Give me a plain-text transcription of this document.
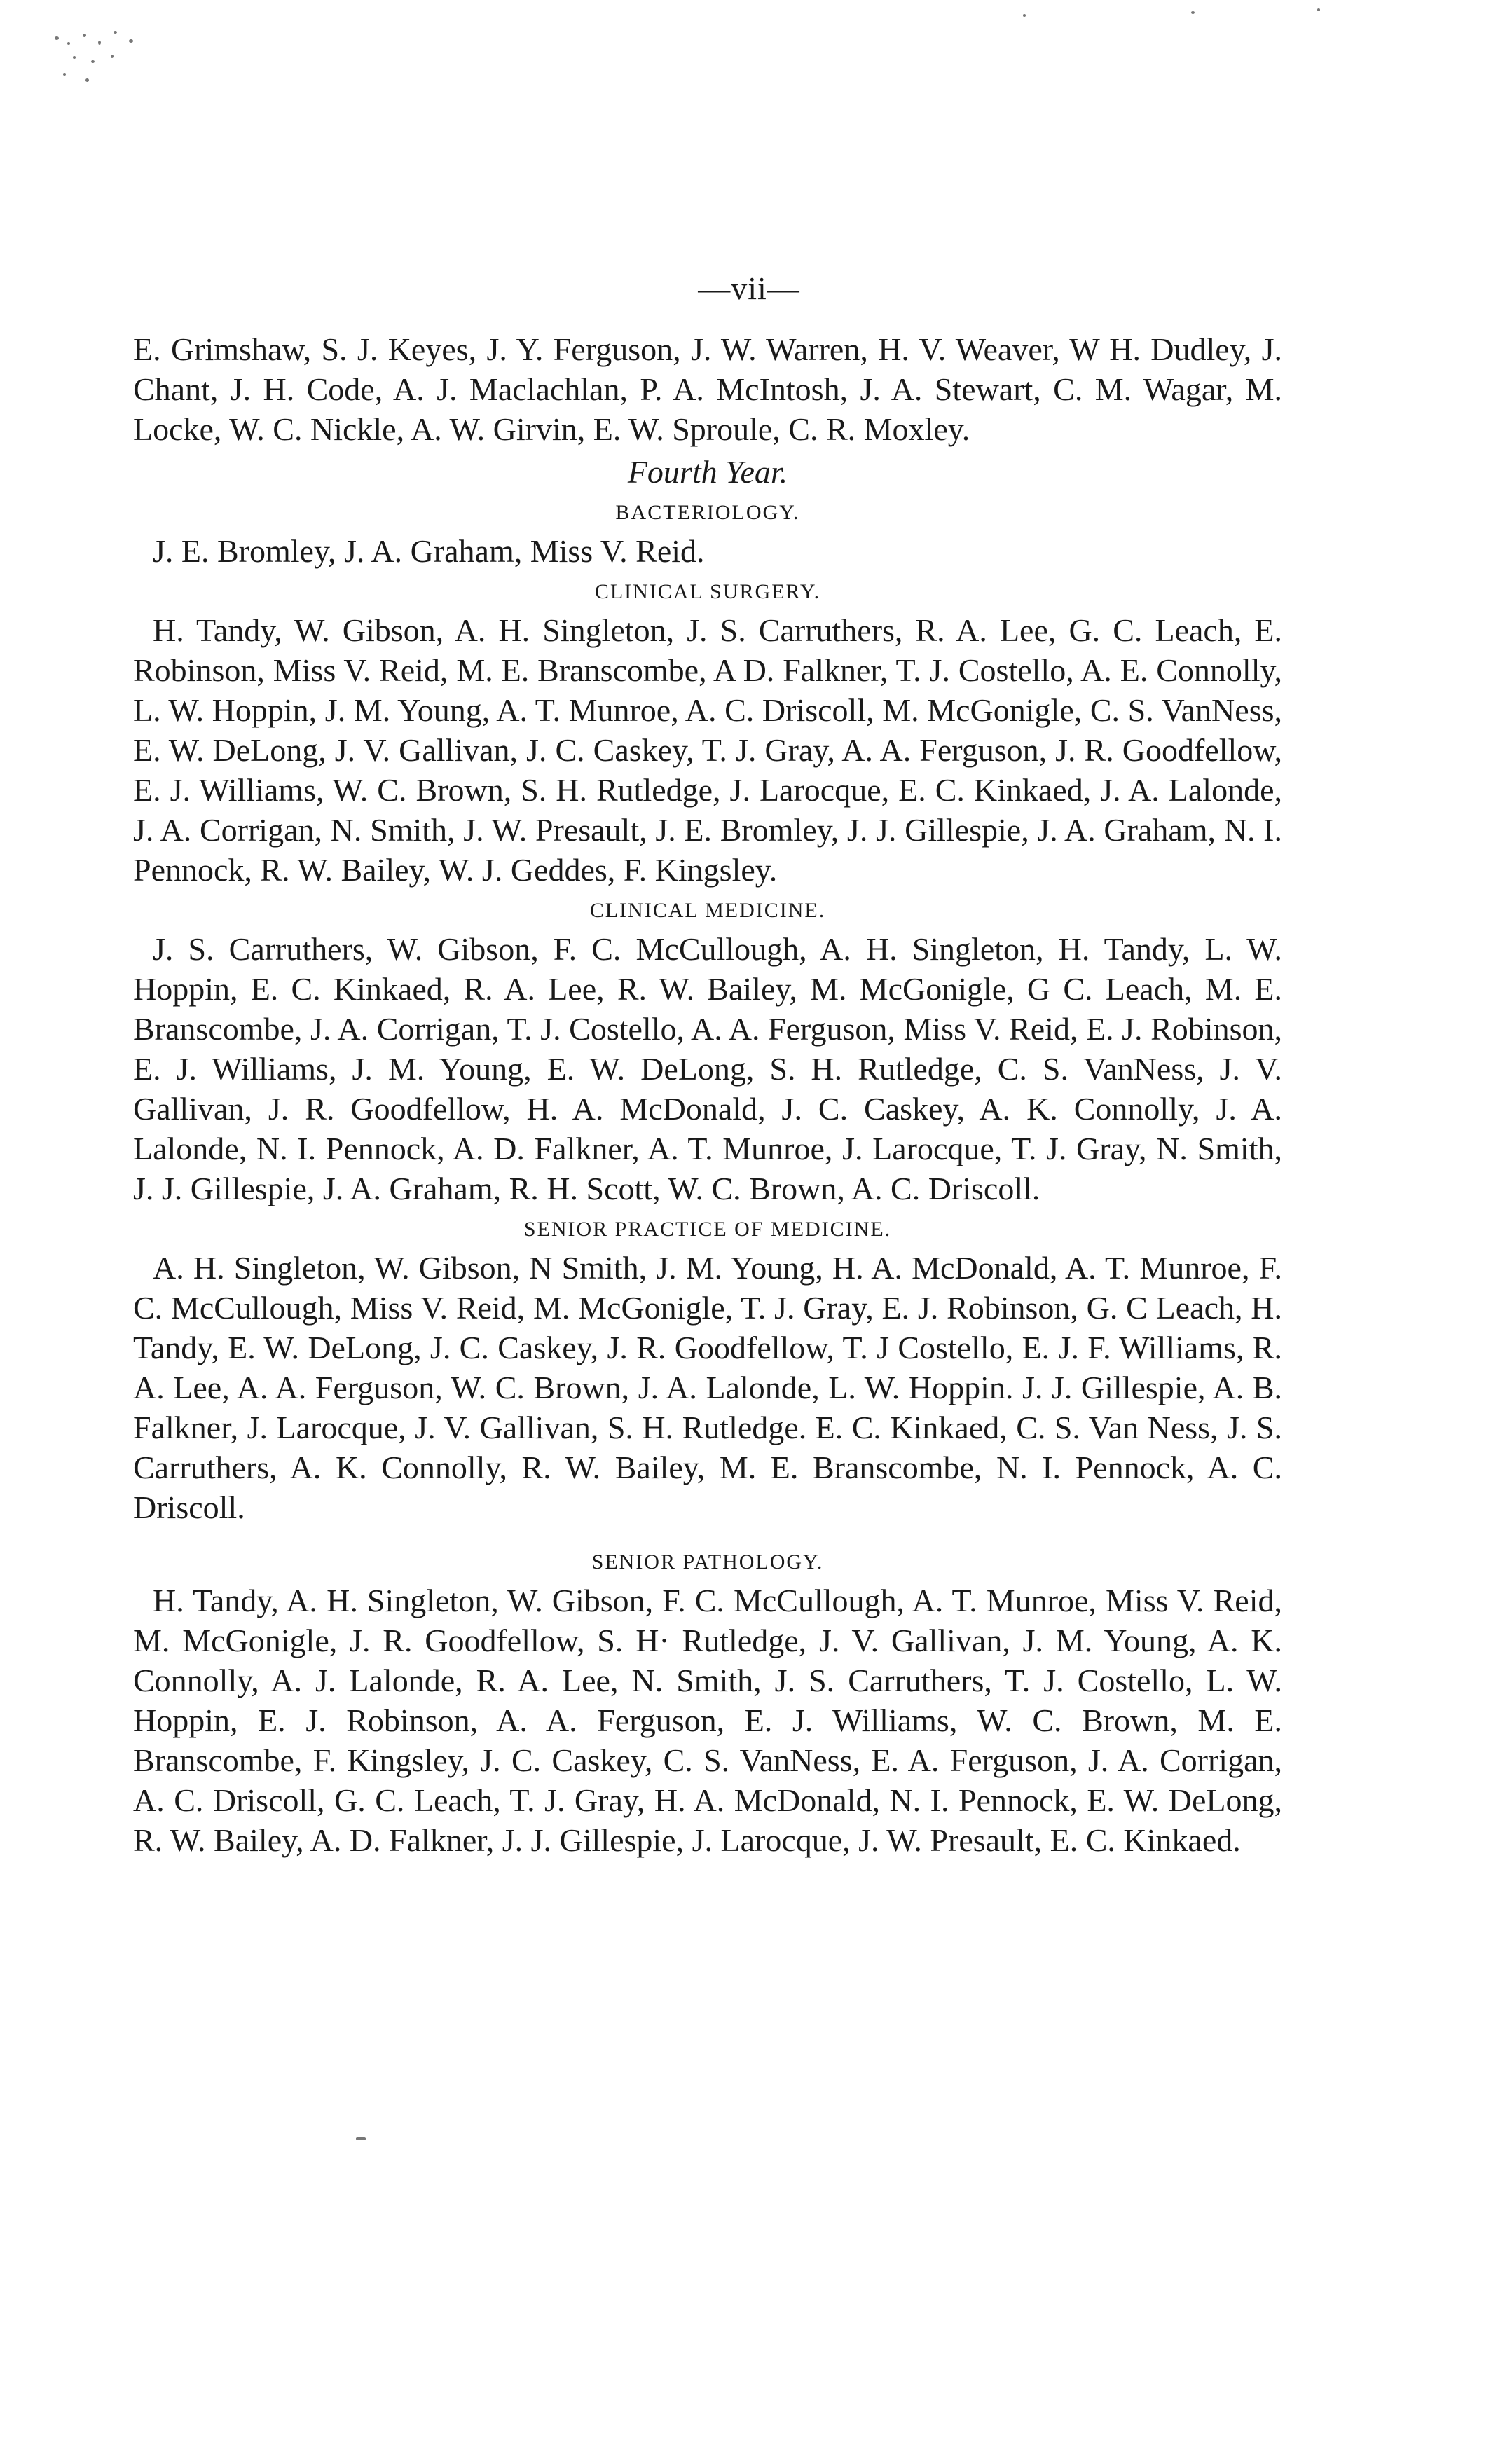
—vii—

E. Grimshaw, S. J. Keyes, J. Y. Ferguson, J. W. Warren, H. V. Weaver, W H. Dudley, J. Chant, J. H. Code, A. J. Maclachlan, P. A. McIntosh, J. A. Stewart, C. M. Wagar, M. Locke, W. C. Nickle, A. W. Girvin, E. W. Sproule, C. R. Moxley.

Fourth Year.
BACTERIOLOGY.

J. E. Bromley, J. A. Graham, Miss V. Reid.

CLINICAL SURGERY.

H. Tandy, W. Gibson, A. H. Singleton, J. S. Carruthers, R. A. Lee, G. C. Leach, E. Robinson, Miss V. Reid, M. E. Branscombe, A D. Falkner, T. J. Costello, A. E. Connolly, L. W. Hoppin, J. M. Young, A. T. Munroe, A. C. Driscoll, M. McGonigle, C. S. VanNess, E. W. DeLong, J. V. Gallivan, J. C. Caskey, T. J. Gray, A. A. Ferguson, J. R. Goodfellow, E. J. Williams, W. C. Brown, S. H. Rutledge, J. Larocque, E. C. Kinkaed, J. A. Lalonde, J. A. Corrigan, N. Smith, J. W. Presault, J. E. Bromley, J. J. Gillespie, J. A. Graham, N. I. Pennock, R. W. Bailey, W. J. Geddes, F. Kingsley.

CLINICAL MEDICINE.

J. S. Carruthers, W. Gibson, F. C. McCullough, A. H. Singleton, H. Tandy, L. W. Hoppin, E. C. Kinkaed, R. A. Lee, R. W. Bailey, M. McGonigle, G C. Leach, M. E. Branscombe, J. A. Corrigan, T. J. Costello, A. A. Ferguson, Miss V. Reid, E. J. Robinson, E. J. Williams, J. M. Young, E. W. DeLong, S. H. Rutledge, C. S. VanNess, J. V. Gallivan, J. R. Goodfellow, H. A. McDonald, J. C. Caskey, A. K. Connolly, J. A. Lalonde, N. I. Pennock, A. D. Falkner, A. T. Munroe, J. Larocque, T. J. Gray, N. Smith, J. J. Gillespie, J. A. Graham, R. H. Scott, W. C. Brown, A. C. Driscoll.

SENIOR PRACTICE OF MEDICINE.

A. H. Singleton, W. Gibson, N Smith, J. M. Young, H. A. McDonald, A. T. Munroe, F. C. McCullough, Miss V. Reid, M. McGonigle, T. J. Gray, E. J. Robinson, G. C Leach, H. Tandy, E. W. DeLong, J. C. Caskey, J. R. Goodfellow, T. J Costello, E. J. F. Williams, R. A. Lee, A. A. Ferguson, W. C. Brown, J. A. Lalonde, L. W. Hoppin. J. J. Gillespie, A. B. Falkner, J. Larocque, J. V. Gallivan, S. H. Rutledge. E. C. Kinkaed, C. S. Van Ness, J. S. Carruthers, A. K. Connolly, R. W. Bailey, M. E. Branscombe, N. I. Pennock, A. C. Driscoll.

SENIOR PATHOLOGY.

H. Tandy, A. H. Singleton, W. Gibson, F. C. McCullough, A. T. Munroe, Miss V. Reid, M. McGonigle, J. R. Goodfellow, S. H· Rutledge, J. V. Gallivan, J. M. Young, A. K. Connolly, A. J. Lalonde, R. A. Lee, N. Smith, J. S. Carruthers, T. J. Costello, L. W. Hoppin, E. J. Robinson, A. A. Ferguson, E. J. Williams, W. C. Brown, M. E. Branscombe, F. Kingsley, J. C. Caskey, C. S. VanNess, E. A. Ferguson, J. A. Corrigan, A. C. Driscoll, G. C. Leach, T. J. Gray, H. A. McDonald, N. I. Pennock, E. W. DeLong, R. W. Bailey, A. D. Falkner, J. J. Gillespie, J. Larocque, J. W. Presault, E. C. Kinkaed.
